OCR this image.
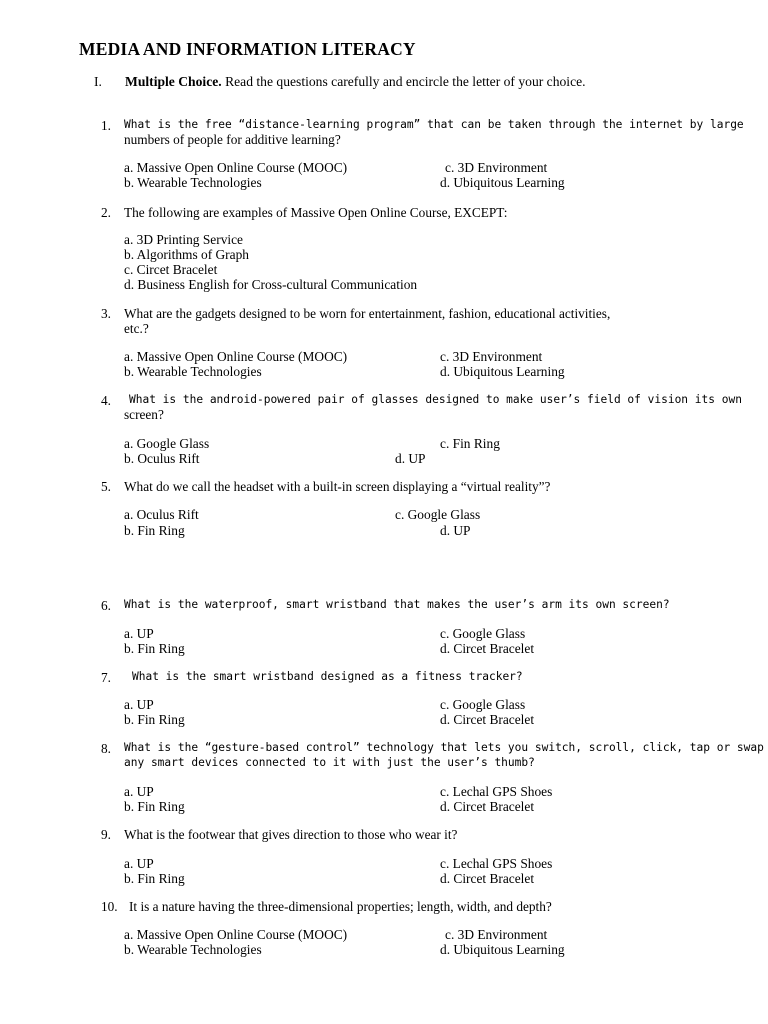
MEDIA AND INFORMATION LITERACY
I. Multiple Choice. Read the questions carefully and encircle the letter of your choice.
1. What is the free “distance-learning program” that can be taken through the internet by large
numbers of people for additive learning?
a. Massive Open Online Course (MOOC)
b. Wearable Technologies
c. 3D Environment
d. Ubiquitous Learning
2. The following are examples of Massive Open Online Course, EXCEPT:
a. 3D Printing Service
b. Algorithms of Graph
c. Circet Bracelet
d. Business English for Cross-cultural Communication
3. What are the gadgets designed to be worn for entertainment, fashion, educational activities,
etc.?
a. Massive Open Online Course (MOOC)
b. Wearable Technologies
c. 3D Environment
d. Ubiquitous Learning
4. What is the android-powered pair of glasses designed to make user’s field of vision its own
screen?
a. Google Glass
b. Oculus Rift
c. Fin Ring
d. UP
5. What do we call the headset with a built-in screen displaying a “virtual reality”?
a. Oculus Rift
b. Fin Ring
c. Google Glass
d. UP
6. What is the waterproof, smart wristband that makes the user’s arm its own screen?
a. UP
b. Fin Ring
c. Google Glass
d. Circet Bracelet
7. What is the smart wristband designed as a fitness tracker?
a. UP
b. Fin Ring
c. Google Glass
d. Circet Bracelet
8. What is the “gesture-based control” technology that lets you switch, scroll, click, tap or swap
any smart devices connected to it with just the user’s thumb?
a. UP
b. Fin Ring
c. Lechal GPS Shoes
d. Circet Bracelet
9. What is the footwear that gives direction to those who wear it?
a. UP
b. Fin Ring
c. Lechal GPS Shoes
d. Circet Bracelet
10. It is a nature having the three-dimensional properties; length, width, and depth?
a. Massive Open Online Course (MOOC)
b. Wearable Technologies
c. 3D Environment
d. Ubiquitous Learning
